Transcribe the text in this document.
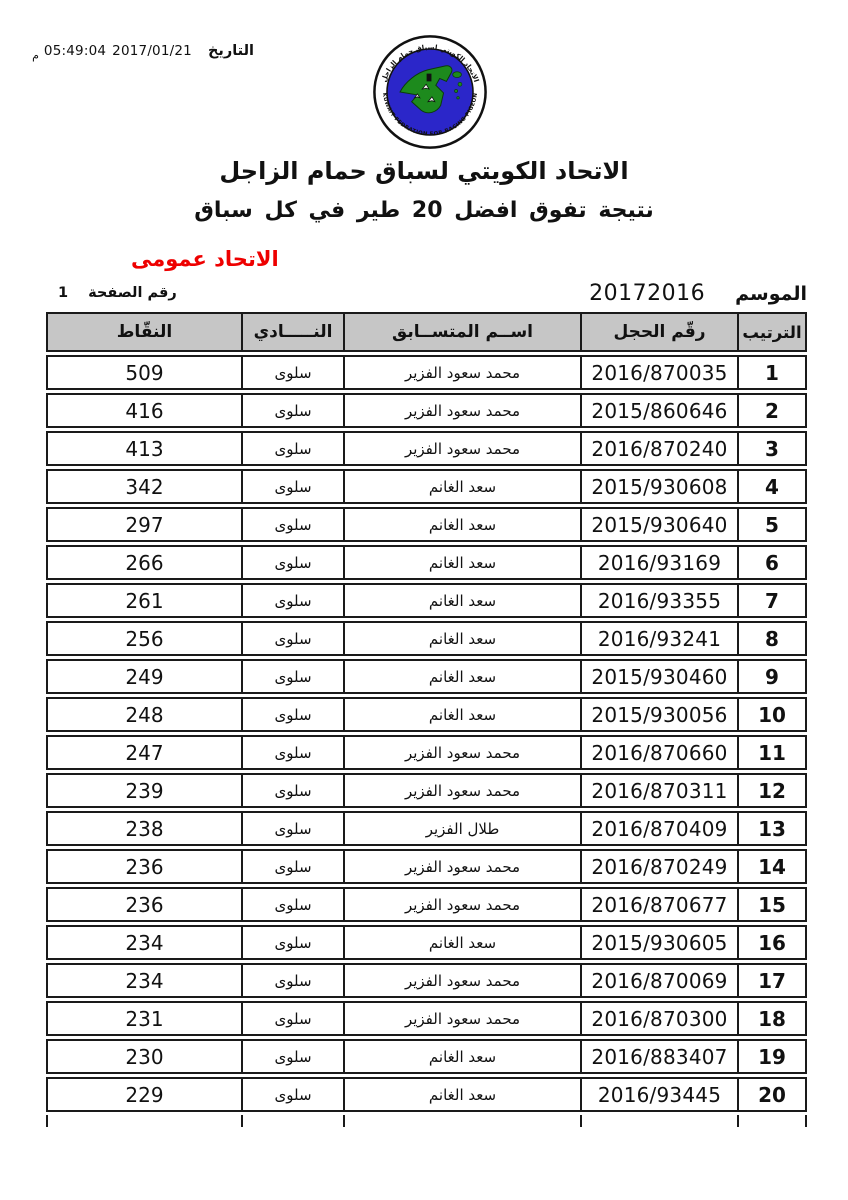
التاريخ
2017/01/21
05:49:04
م
الاتحاد الكويتي لسباق حمام الزاجل
KUWAIT FEDRATION FOR RACING PIGEON
الاتحاد الكويتي لسباق حمام الزاجل
نتيجة تفوق افضل 20 طير في كل سباق
الاتحاد عمومى
رقم الصفحة
1	الموسم
20172016
الترتيب
رقّم الحجل
اســم المتســابق
النـــــادي
النقّاط
1
2016/870035
محمد سعود الفزير
سلوى
509
2
2015/860646
محمد سعود الفزير
سلوى
416
3
2016/870240
محمد سعود الفزير
سلوى
413
4
2015/930608
سعد الغانم
سلوى
342
5
2015/930640
سعد الغانم
سلوى
297
6
2016/93169
سعد الغانم
سلوى
266
7
2016/93355
سعد الغانم
سلوى
261
8
2016/93241
سعد الغانم
سلوى
256
9
2015/930460
سعد الغانم
سلوى
249
10
2015/930056
سعد الغانم
سلوى
248
11
2016/870660
محمد سعود الفزير
سلوى
247
12
2016/870311
محمد سعود الفزير
سلوى
239
13
2016/870409
طلال الفزير
سلوى
238
14
2016/870249
محمد سعود الفزير
سلوى
236
15
2016/870677
محمد سعود الفزير
سلوى
236
16
2015/930605
سعد الغانم
سلوى
234
17
2016/870069
محمد سعود الفزير
سلوى
234
18
2016/870300
محمد سعود الفزير
سلوى
231
19
2016/883407
سعد الغانم
سلوى
230
20
2016/93445
سعد الغانم
سلوى
229
